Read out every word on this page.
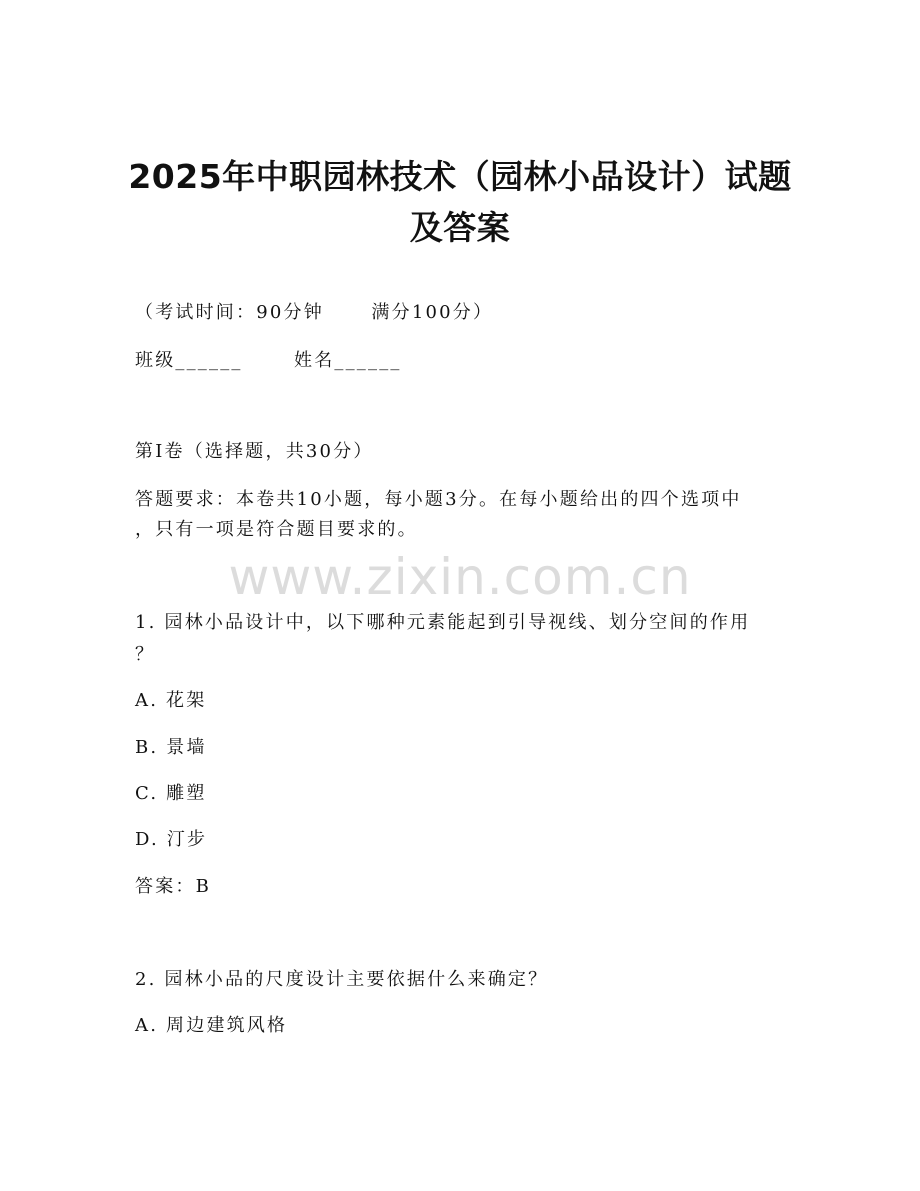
2025年中职园林技术（园林小品设计）试题
及答案
（考试时间：90分钟      满分100分）
班级______	姓名______
第I卷（选择题，共30分）
答题要求：本卷共10小题，每小题3分。在每小题给出的四个选项中
，只有一项是符合题目要求的。
www.zixin.com.cn
1. 园林小品设计中，以下哪种元素能起到引导视线、划分空间的作用
？
A. 花架
B. 景墙
C. 雕塑
D. 汀步
答案：B
2. 园林小品的尺度设计主要依据什么来确定？
A. 周边建筑风格
